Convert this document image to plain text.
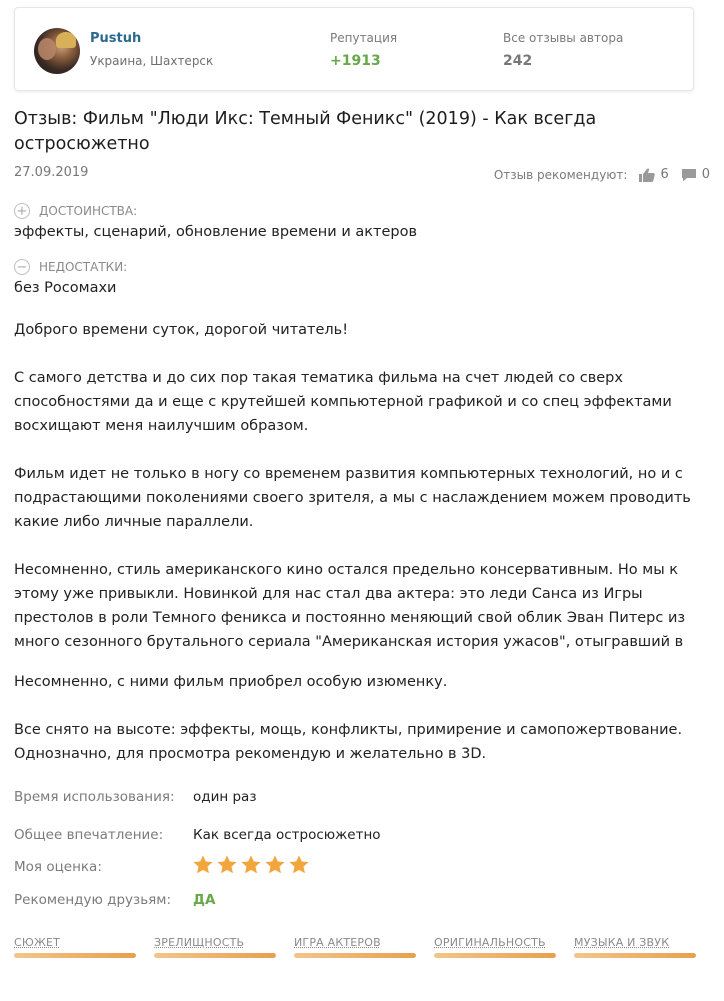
Pustuh
Украина, Шахтерск
Репутация
+1913
Все отзывы автора
242
Отзыв: Фильм "Люди Икс: Темный Феникс" (2019) - Как всегда остросюжетно
27.09.2019	Отзыв рекомендуют:	6	0
+ ДОСТОИНСТВА:
эффекты, сценарий, обновление времени и актеров
− НЕДОСТАТКИ:
без Росомахи

Доброго времени суток, дорогой читатель!

С самого детства и до сих пор такая тематика фильма на счет людей со сверх способностями да и еще с крутейшей компьютерной графикой и со спец эффектами восхищают меня наилучшим образом.

Фильм идет не только в ногу со временем развития компьютерных технологий, но и с подрастающими поколениями своего зрителя, а мы с наслаждением можем проводить какие либо личные параллели.

Несомненно, стиль американского кино остался предельно консервативным. Но мы к этому уже привыкли. Новинкой для нас стал два актера: это леди Санса из Игры престолов в роли Темного феникса и постоянно меняющий свой облик Эван Питерс из много сезонного брутального сериала "Американская история ужасов", отыгравший в

Несомненно, с ними фильм приобрел особую изюменку.

Все снято на высоте: эффекты, мощь, конфликты, примирение и самопожертвование. Однозначно, для просмотра рекомендую и желательно в 3D.

Время использования: один раз
Общее впечатление: Как всегда остросюжетно
Моя оценка:
Рекомендую друзьям: ДА
СЮЖЕТ	ЗРЕЛИЩНОСТЬ	ИГРА АКТЕРОВ	ОРИГИНАЛЬНОСТЬ	МУЗЫКА И ЗВУК
